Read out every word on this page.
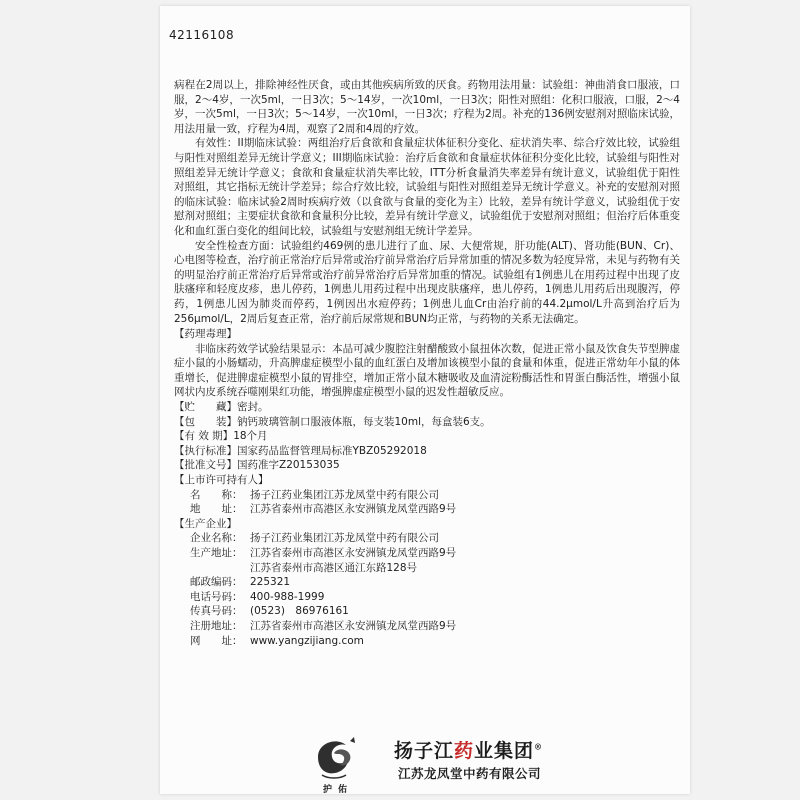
42116108

病程在2周以上，排除神经性厌食，或由其他疾病所致的厌食。药物用法用量：试验组：神曲消食口服液，口服，2～4岁，一次5ml，一日3次；5～14岁，一次10ml，一日3次；阳性对照组：化积口服液，口服，2～4岁，一次5ml，一日3次；5～14岁，一次10ml，一日3次；疗程为2周。补充的136例安慰剂对照临床试验，用法用量一致，疗程为4周，观察了2周和4周的疗效。

有效性：II期临床试验：两组治疗后食欲和食量症状体征积分变化、症状消失率、综合疗效比较，试验组与阳性对照组差异无统计学意义；III期临床试验：治疗后食欲和食量症状体征积分变化比较，试验组与阳性对照组差异无统计学意义；食欲和食量症状消失率比较，ITT分析食量消失率差异有统计意义，试验组优于阳性对照组，其它指标无统计学差异；综合疗效比较，试验组与阳性对照组差异无统计学意义。补充的安慰剂对照的临床试验：临床试验2周时疾病疗效（以食欲与食量的变化为主）比较，差异有统计学意义，试验组优于安慰剂对照组；主要症状食欲和食量积分比较，差异有统计学意义，试验组优于安慰剂对照组；但治疗后体重变化和血红蛋白变化的组间比较，试验组与安慰剂组无统计学差异。

安全性检查方面：试验组约469例的患儿进行了血、尿、大便常规，肝功能(ALT)、肾功能(BUN、Cr)、心电图等检查，治疗前正常治疗后异常或治疗前异常治疗后异常加重的情况多数为轻度异常，未见与药物有关的明显治疗前正常治疗后异常或治疗前异常治疗后异常加重的情况。试验组有1例患儿在用药过程中出现了皮肤瘙痒和轻度皮疹，患儿停药，1例患儿用药过程中出现皮肤瘙痒，患儿停药，1例患儿用药后出现腹泻，停药，1例患儿因为肺炎而停药，1例因出水痘停药；1例患儿血Cr由治疗前的44.2μmol/L升高到治疗后为256μmol/L，2周后复查正常，治疗前后尿常规和BUN均正常，与药物的关系无法确定。

【药理毒理】

非临床药效学试验结果显示：本品可减少腹腔注射醋酸致小鼠扭体次数，促进正常小鼠及饮食失节型脾虚症小鼠的小肠蠕动，升高脾虚症模型小鼠的血红蛋白及增加该模型小鼠的食量和体重，促进正常幼年小鼠的体重增长，促进脾虚症模型小鼠的胃排空，增加正常小鼠木糖吸收及血清淀粉酶活性和胃蛋白酶活性，增强小鼠网状内皮系统吞噬刚果红功能，增强脾虚症模型小鼠的迟发性超敏反应。

【贮　　藏】 密封。
【包　　装】 钠钙玻璃管制口服液体瓶，每支装10ml，每盒装6支。
【有 效 期】 18个月
【执行标准】 国家药品监督管理局标准YBZ05292018
【批准文号】 国药准字Z20153035
【上市许可持有人】
名　　称： 扬子江药业集团江苏龙凤堂中药有限公司
地　　址： 江苏省泰州市高港区永安洲镇龙凤堂西路9号
【生产企业】
企业名称： 扬子江药业集团江苏龙凤堂中药有限公司
生产地址： 江苏省泰州市高港区永安洲镇龙凤堂西路9号
江苏省泰州市高港区通江东路128号
邮政编码： 225321
电话号码： 400-988-1999
传真号码： (0523)　86976161
注册地址： 江苏省泰州市高港区永安洲镇龙凤堂西路9号
网　　址： www.yangzijiang.com
护佑
扬子江药业集团®
江苏龙凤堂中药有限公司
